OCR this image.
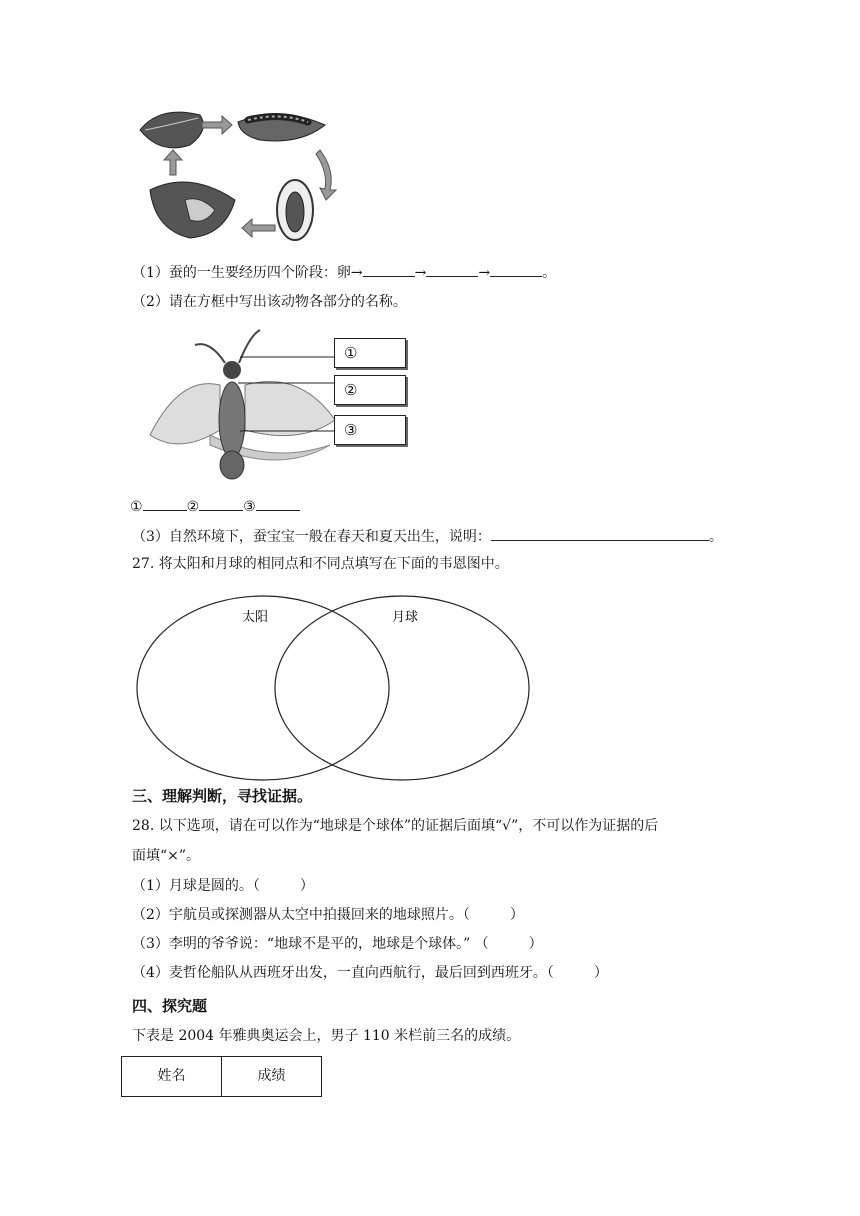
（1）蚕的一生要经历四个阶段：卵→	→	→	。
（2）请在方框中写出该动物各部分的名称。
①
②
③
①	②	③
（3）自然环境下，蚕宝宝一般在春天和夏天出生，说明：	。
27. 将太阳和月球的相同点和不同点填写在下面的韦恩图中。
太阳	月球
三、理解判断，寻找证据。
28. 以下选项，请在可以作为“地球是个球体”的证据后面填“√”，不可以作为证据的后
面填“×”。
（1）月球是圆的。（	）
（2）宇航员或探测器从太空中拍摄回来的地球照片。（	）
（3）李明的爷爷说：“地球不是平的，地球是个球体。” （	）
（4）麦哲伦船队从西班牙出发，一直向西航行，最后回到西班牙。（	）
四、探究题
下表是 2004 年雅典奥运会上，男子 110 米栏前三名的成绩。
姓名	成绩
